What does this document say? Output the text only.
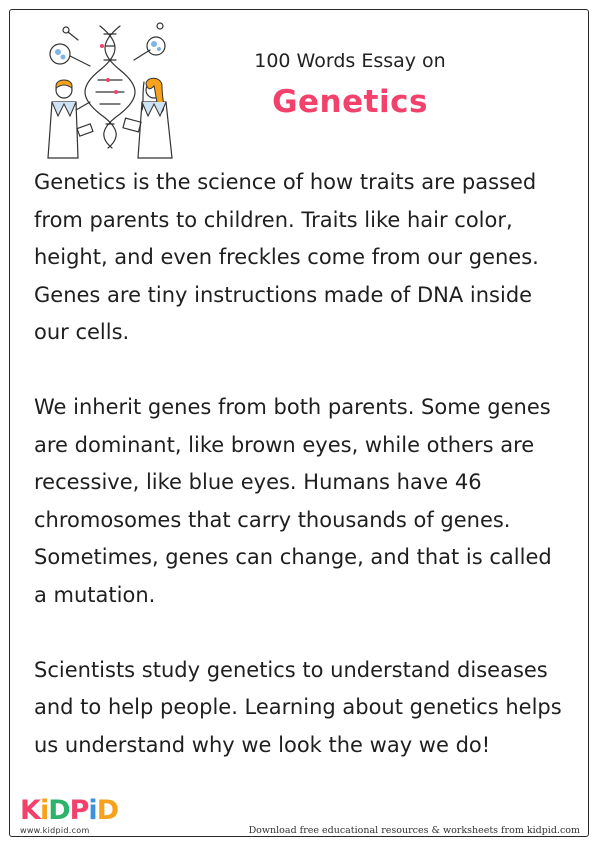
100 Words Essay on
Genetics

Genetics is the science of how traits are passed from parents to children. Traits like hair color, height, and even freckles come from our genes. Genes are tiny instructions made of DNA inside our cells.

We inherit genes from both parents. Some genes are dominant, like brown eyes, while others are recessive, like blue eyes. Humans have 46 chromosomes that carry thousands of genes. Sometimes, genes can change, and that is called a mutation.

Scientists study genetics to understand diseases and to help people. Learning about genetics helps us understand why we look the way we do!

KiDPiD
www.kidpid.com	Download free educational resources & worksheets from kidpid.com
